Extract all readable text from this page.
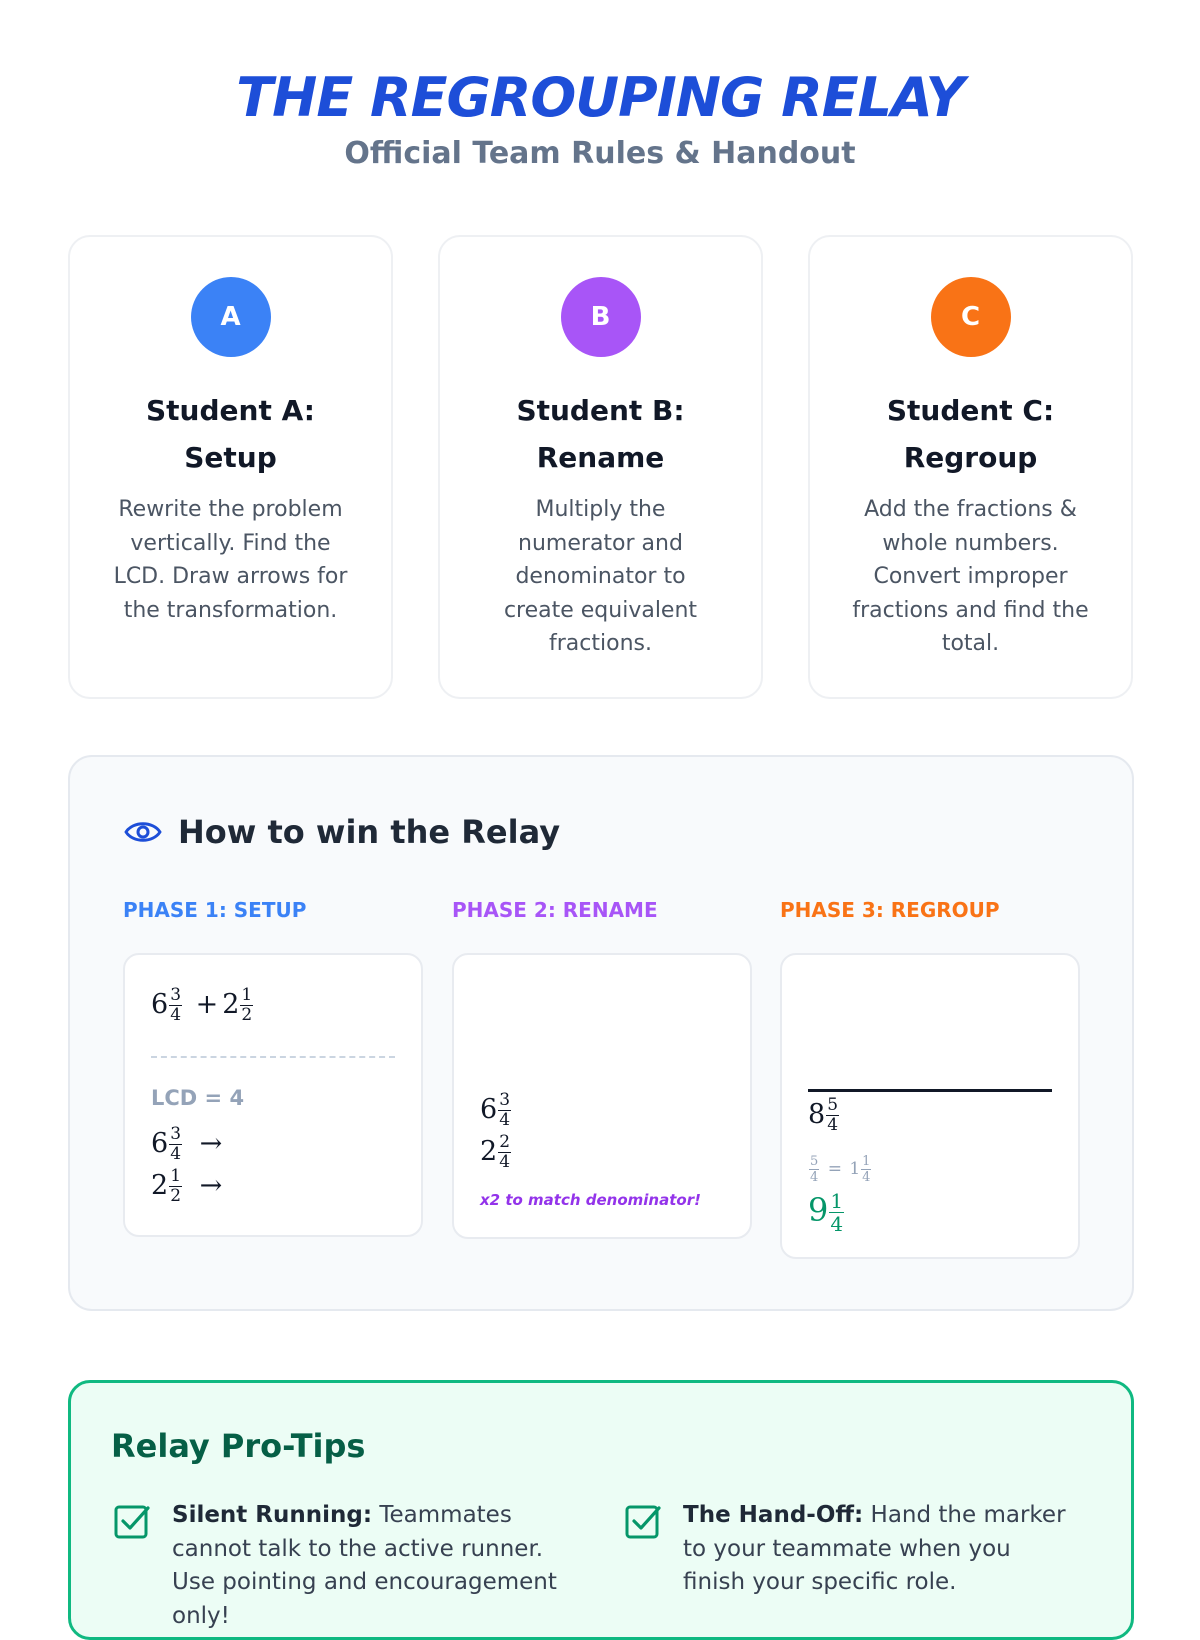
THE REGROUPING RELAY
Official Team Rules & Handout
A
Student A:
Setup
Rewrite the problem vertically. Find the LCD. Draw arrows for the transformation.
B
Student B:
Rename
Multiply the numerator and denominator to create equivalent fractions.
C
Student C:
Regroup
Add the fractions & whole numbers. Convert improper fractions and find the total.
How to win the Relay
PHASE 1: SETUP	PHASE 2: RENAME	PHASE 3: REGROUP
$6 \frac{3}{4} + 2 \frac{1}{2}$
LCD = 4
$6 \frac{3}{4}$ →
$2 \frac{1}{2}$ →
$6 \frac{3}{4}$
$2 \frac{2}{4}$
x2 to match denominator!
$8 \frac{5}{4}$
$\frac{5}{4} = 1 \frac{1}{4}$
$9 \frac{1}{4}$
Relay Pro-Tips
Silent Running: Teammates cannot talk to the active runner. Use pointing and encouragement only!
The Hand-Off: Hand the marker to your teammate when you finish your specific role.
